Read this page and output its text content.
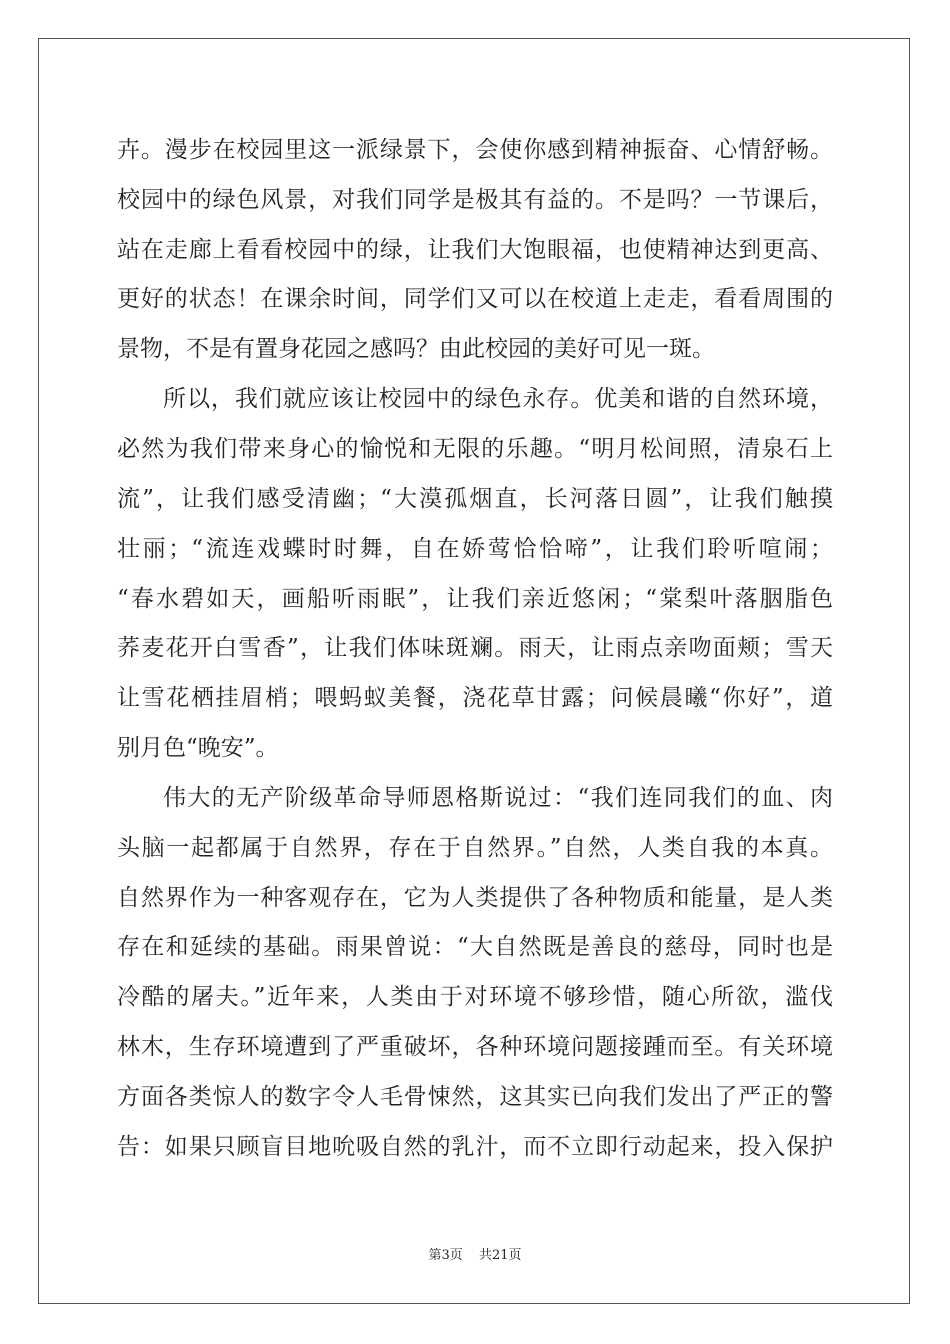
卉。漫步在校园里这一派绿景下，会使你感到精神振奋、心情舒畅。

校园中的绿色风景，对我们同学是极其有益的。不是吗？一节课后，

站在走廊上看看校园中的绿，让我们大饱眼福，也使精神达到更高、

更好的状态！在课余时间，同学们又可以在校道上走走，看看周围的

景物，不是有置身花园之感吗？由此校园的美好可见一斑。

所以，我们就应该让校园中的绿色永存。优美和谐的自然环境，

必然为我们带来身心的愉悦和无限的乐趣。“明月松间照，清泉石上

流”，让我们感受清幽；“大漠孤烟直，长河落日圆”，让我们触摸

壮丽；“流连戏蝶时时舞，自在娇莺恰恰啼”，让我们聆听喧闹；

“春水碧如天，画船听雨眠”，让我们亲近悠闲；“棠梨叶落胭脂色

荞麦花开白雪香”，让我们体味斑斓。雨天，让雨点亲吻面颊；雪天

让雪花栖挂眉梢；喂蚂蚁美餐，浇花草甘露；问候晨曦“你好”，道

别月色“晚安”。

伟大的无产阶级革命导师恩格斯说过：“我们连同我们的血、肉

头脑一起都属于自然界，存在于自然界。”自然，人类自我的本真。

自然界作为一种客观存在，它为人类提供了各种物质和能量，是人类

存在和延续的基础。雨果曾说：“大自然既是善良的慈母，同时也是

冷酷的屠夫。”近年来，人类由于对环境不够珍惜，随心所欲，滥伐

林木，生存环境遭到了严重破坏，各种环境问题接踵而至。有关环境

方面各类惊人的数字令人毛骨悚然，这其实已向我们发出了严正的警

告：如果只顾盲目地吮吸自然的乳汁，而不立即行动起来，投入保护

第3页 共21页
